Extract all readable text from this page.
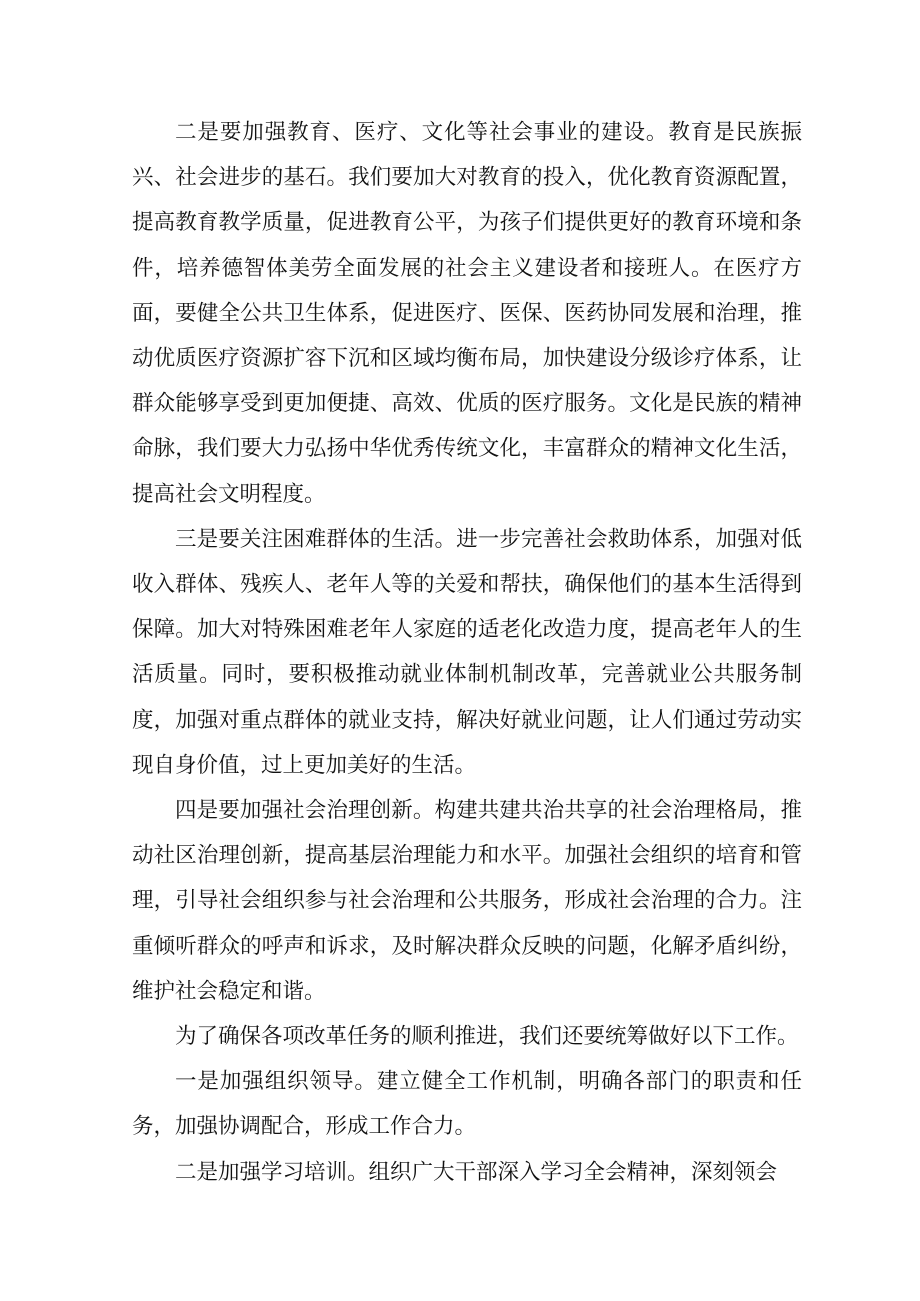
二是要加强教育、医疗、文化等社会事业的建设。教育是民族振兴、社会进步的基石。我们要加大对教育的投入，优化教育资源配置，提高教育教学质量，促进教育公平，为孩子们提供更好的教育环境和条件，培养德智体美劳全面发展的社会主义建设者和接班人。在医疗方面，要健全公共卫生体系，促进医疗、医保、医药协同发展和治理，推动优质医疗资源扩容下沉和区域均衡布局，加快建设分级诊疗体系，让群众能够享受到更加便捷、高效、优质的医疗服务。文化是民族的精神命脉，我们要大力弘扬中华优秀传统文化，丰富群众的精神文化生活，提高社会文明程度。

三是要关注困难群体的生活。进一步完善社会救助体系，加强对低收入群体、残疾人、老年人等的关爱和帮扶，确保他们的基本生活得到保障。加大对特殊困难老年人家庭的适老化改造力度，提高老年人的生活质量。同时，要积极推动就业体制机制改革，完善就业公共服务制度，加强对重点群体的就业支持，解决好就业问题，让人们通过劳动实现自身价值，过上更加美好的生活。

四是要加强社会治理创新。构建共建共治共享的社会治理格局，推动社区治理创新，提高基层治理能力和水平。加强社会组织的培育和管理，引导社会组织参与社会治理和公共服务，形成社会治理的合力。注重倾听群众的呼声和诉求，及时解决群众反映的问题，化解矛盾纠纷，维护社会稳定和谐。

为了确保各项改革任务的顺利推进，我们还要统筹做好以下工作。

一是加强组织领导。建立健全工作机制，明确各部门的职责和任务，加强协调配合，形成工作合力。

二是加强学习培训。组织广大干部深入学习全会精神，深刻领会
